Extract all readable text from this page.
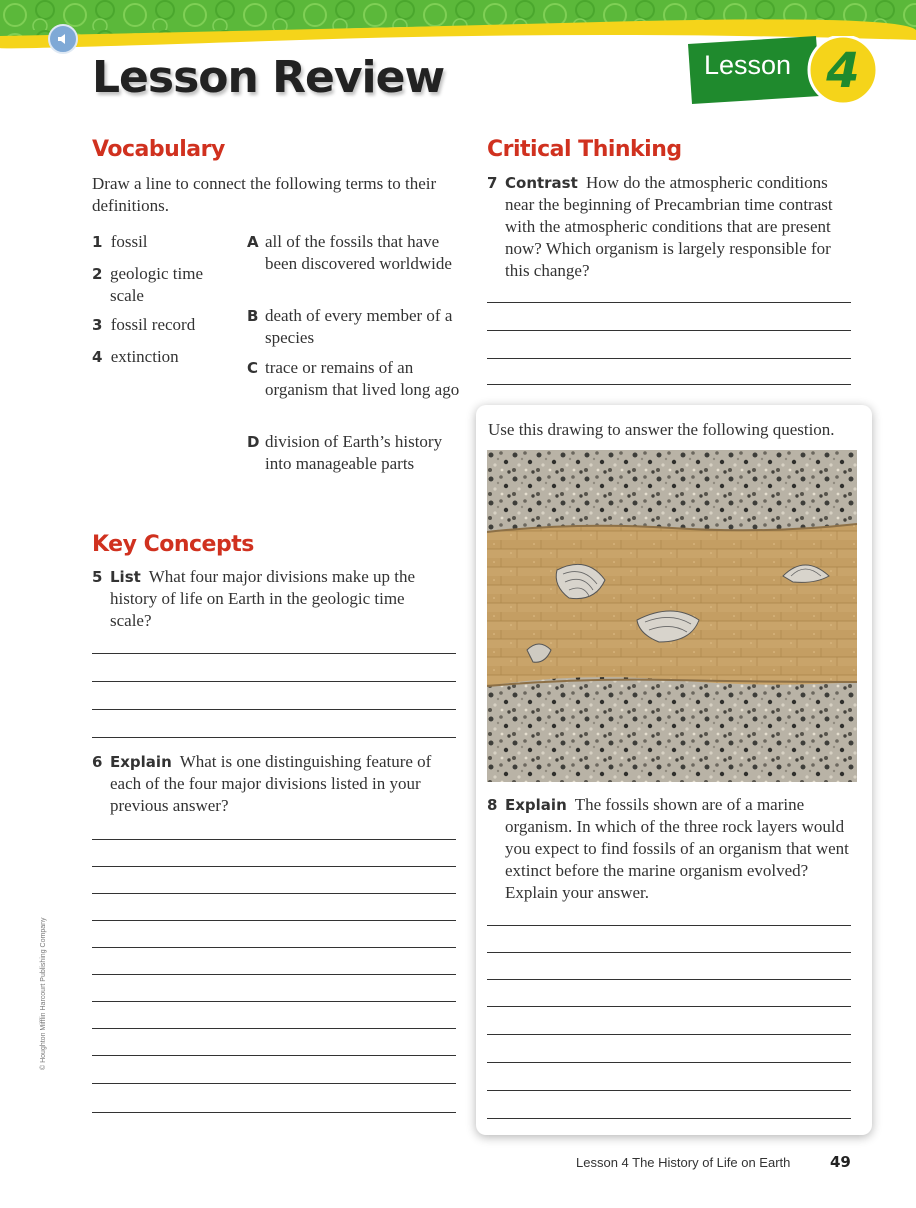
Lesson Review	Lesson 4
Vocabulary
Draw a line to connect the following terms to their definitions.
1 fossil
2 geologic time scale
3 fossil record
4 extinction
A all of the fossils that have been discovered worldwide
B death of every member of a species
C trace or remains of an organism that lived long ago
D division of Earth’s history into manageable parts
Key Concepts
5 List What four major divisions make up the history of life on Earth in the geologic time scale?
6 Explain What is one distinguishing feature of each of the four major divisions listed in your previous answer?
Critical Thinking
7 Contrast How do the atmospheric conditions near the beginning of Precambrian time contrast with the atmospheric conditions that are present now? Which organism is largely responsible for this change?
Use this drawing to answer the following question.
8 Explain The fossils shown are of a marine organism. In which of the three rock layers would you expect to find fossils of an organism that went extinct before the marine organism evolved? Explain your answer.
© Houghton Mifflin Harcourt Publishing Company
Lesson 4 The History of Life on Earth	49
